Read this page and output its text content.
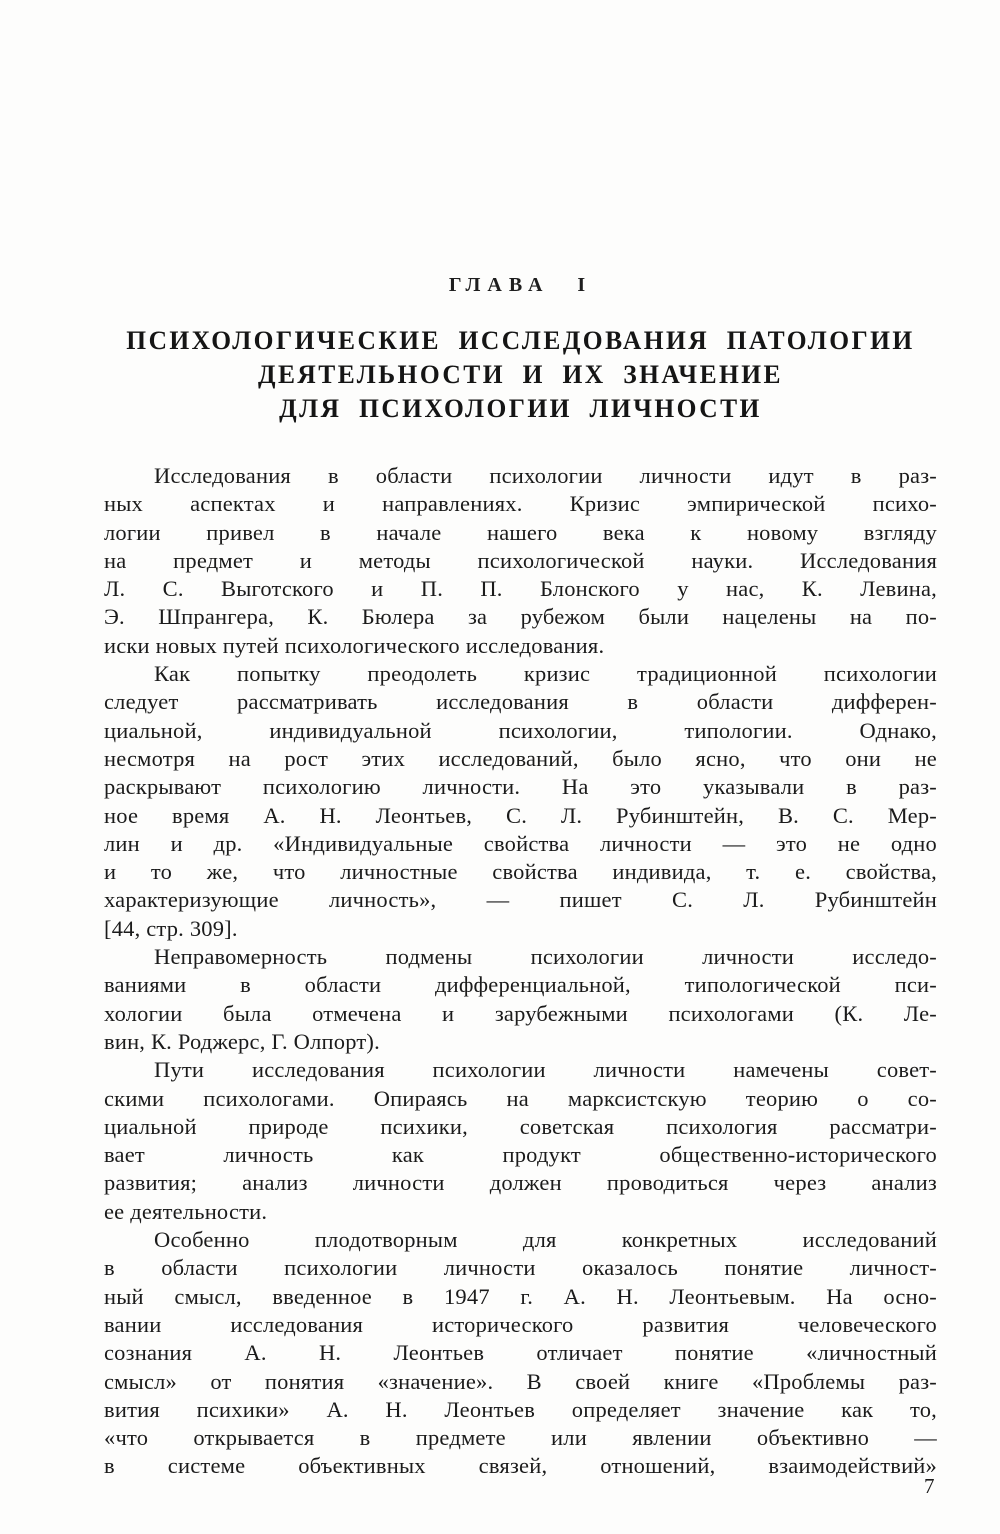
ГЛАВА I
ПСИХОЛОГИЧЕСКИЕ ИССЛЕДОВАНИЯ ПАТОЛОГИИ
ДЕЯТЕЛЬНОСТИ И ИХ ЗНАЧЕНИЕ
ДЛЯ ПСИХОЛОГИИ ЛИЧНОСТИ
Исследования в области психологии личности идут в раз-
ных аспектах и направлениях. Кризис эмпирической психо-
логии привел в начале нашего века к новому взгляду
на предмет и методы психологической науки. Исследования
Л. С. Выготского и П. П. Блонского у нас, К. Левина,
Э. Шпрангера, К. Бюлера за рубежом были нацелены на по-
иски новых путей психологического исследования.
Как попытку преодолеть кризис традиционной психологии
следует рассматривать исследования в области дифферен-
циальной, индивидуальной психологии, типологии. Однако,
несмотря на рост этих исследований, было ясно, что они не
раскрывают психологию личности. На это указывали в раз-
ное время А. Н. Леонтьев, С. Л. Рубинштейн, В. С. Мер-
лин и др. «Индивидуальные свойства личности — это не одно
и то же, что личностные свойства индивида, т. е. свойства,
характеризующие личность», — пишет С. Л. Рубинштейн
[44, стр. 309].
Неправомерность подмены психологии личности исследо-
ваниями в области дифференциальной, типологической пси-
хологии была отмечена и зарубежными психологами (К. Ле-
вин, К. Роджерс, Г. Олпорт).
Пути исследования психологии личности намечены совет-
скими психологами. Опираясь на марксистскую теорию о со-
циальной природе психики, советская психология рассматри-
вает личность как продукт общественно-исторического
развития; анализ личности должен проводиться через анализ
ее деятельности.
Особенно плодотворным для конкретных исследований
в области психологии личности оказалось понятие личност-
ный смысл, введенное в 1947 г. А. Н. Леонтьевым. На осно-
вании исследования исторического развития человеческого
сознания А. Н. Леонтьев отличает понятие «личностный
смысл» от понятия «значение». В своей книге «Проблемы раз-
вития психики» А. Н. Леонтьев определяет значение как то,
«что открывается в предмете или явлении объективно —
в системе объективных связей, отношений, взаимодействий»
7
